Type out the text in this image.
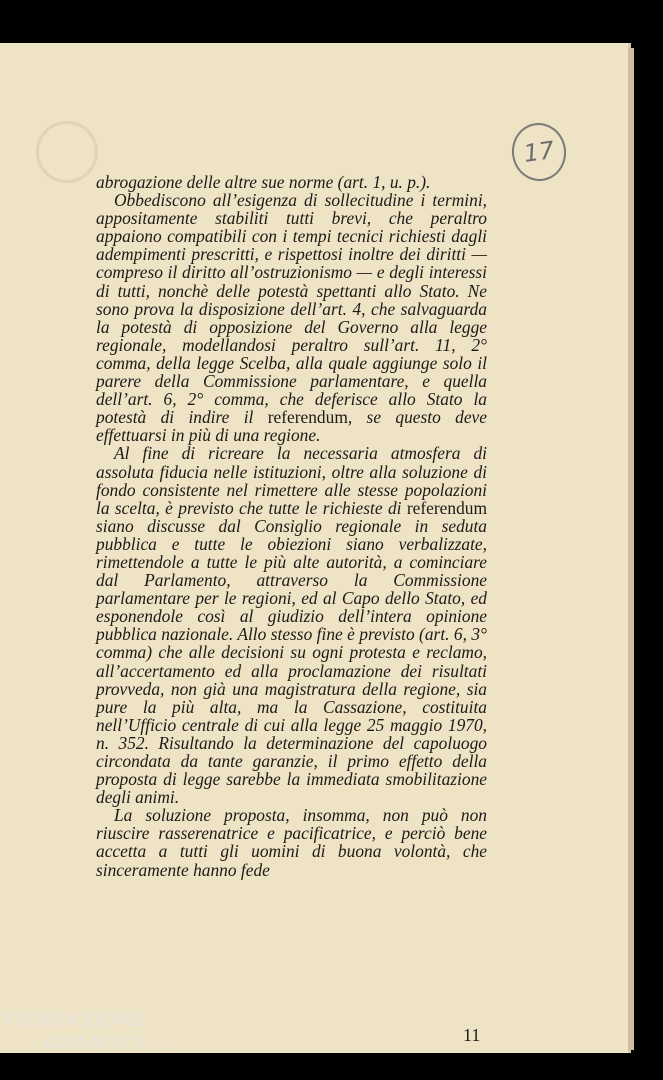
17

abrogazione delle altre sue norme (art. 1, u. p.).

Obbediscono all’esigenza di sollecitudine i termini, appositamente stabiliti tutti brevi, che peraltro appaiono compatibili con i tempi tecnici richiesti dagli adempimenti prescritti, e rispettosi inoltre dei diritti — compreso il diritto all’ostruzionismo — e degli interessi di tutti, nonchè delle potestà spettanti allo Stato. Ne sono prova la disposizione dell’art. 4, che salvaguarda la potestà di opposizione del Governo alla legge regionale, modellandosi peraltro sull’art. 11, 2° comma, della legge Scelba, alla quale aggiunge solo il parere della Commissione parlamentare, e quella dell’art. 6, 2° comma, che deferisce allo Stato la potestà di indire il referendum, se questo deve effettuarsi in più di una regione.

Al fine di ricreare la necessaria atmosfera di assoluta fiducia nelle istituzioni, oltre alla soluzione di fondo consistente nel rimettere alle stesse popolazioni la scelta, è previsto che tutte le richieste di referendum siano discusse dal Consiglio regionale in seduta pubblica e tutte le obiezioni siano verbalizzate, rimettendole a tutte le più alte autorità, a cominciare dal Parlamento, attraverso la Commissione parlamentare per le regioni, ed al Capo dello Stato, ed esponendole così al giudizio dell’intera opinione pubblica nazionale. Allo stesso fine è previsto (art. 6, 3° comma) che alle decisioni su ogni protesta e reclamo, all’accertamento ed alla proclamazione dei risultati provveda, non già una magistratura della regione, sia pure la più alta, ma la Cassazione, costituita nell’Ufficio centrale di cui alla legge 25 maggio 1970, n. 352. Risultando la determinazione del capoluogo circondata da tante garanzie, il primo effetto della proposta di legge sarebbe la immediata smobilitazione degli animi.

La soluzione proposta, insomma, non può non riuscire rasserenatrice e pacificatrice, e perciò bene accetta a tutti gli uomini di buona volontà, che sinceramente hanno fede

11
FONDAZIONE
GRAMSCI onlus
